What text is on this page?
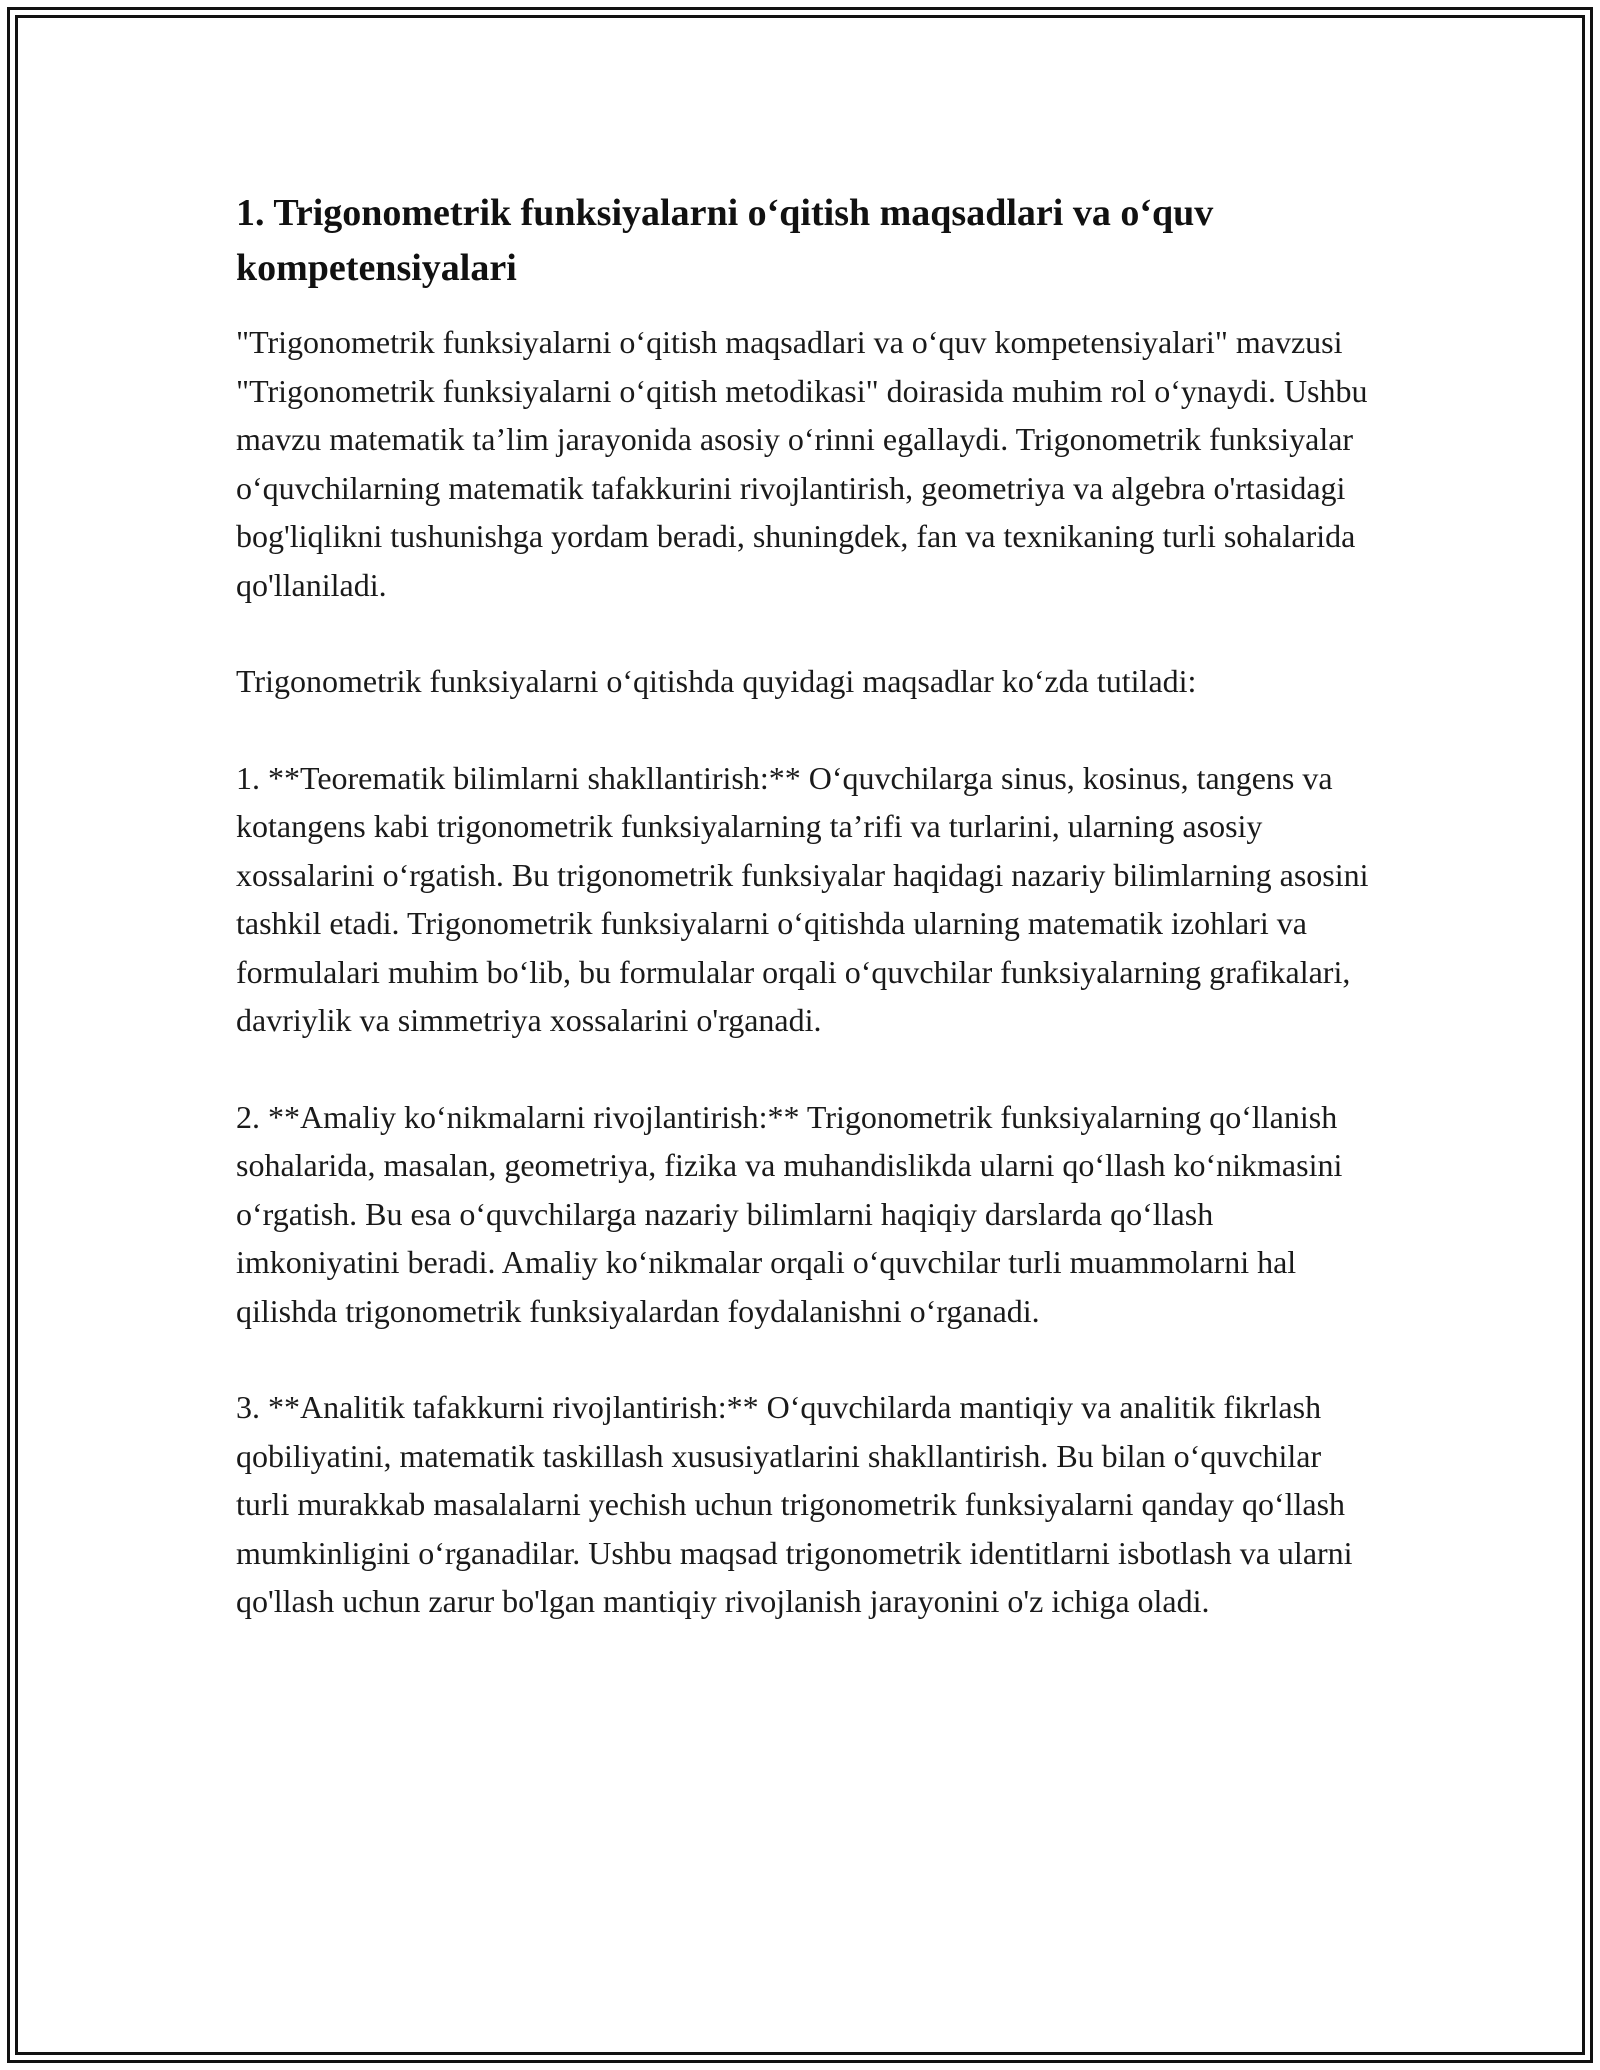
1. Trigonometrik funksiyalarni o‘qitish maqsadlari va o‘quv kompetensiyalari

"Trigonometrik funksiyalarni o‘qitish maqsadlari va o‘quv kompetensiyalari" mavzusi "Trigonometrik funksiyalarni o‘qitish metodikasi" doirasida muhim rol o‘ynaydi. Ushbu mavzu matematik ta’lim jarayonida asosiy o‘rinni egallaydi. Trigonometrik funksiyalar o‘quvchilarning matematik tafakkurini rivojlantirish, geometriya va algebra o'rtasidagi bog'liqlikni tushunishga yordam beradi, shuningdek, fan va texnikaning turli sohalarida qo'llaniladi.

Trigonometrik funksiyalarni o‘qitishda quyidagi maqsadlar ko‘zda tutiladi:

1. **Teorematik bilimlarni shakllantirish:** O‘quvchilarga sinus, kosinus, tangens va kotangens kabi trigonometrik funksiyalarning ta’rifi va turlarini, ularning asosiy xossalarini o‘rgatish. Bu trigonometrik funksiyalar haqidagi nazariy bilimlarning asosini tashkil etadi. Trigonometrik funksiyalarni o‘qitishda ularning matematik izohlari va formulalari muhim bo‘lib, bu formulalar orqali o‘quvchilar funksiyalarning grafikalari, davriylik va simmetriya xossalarini o'rganadi.

2. **Amaliy ko‘nikmalarni rivojlantirish:** Trigonometrik funksiyalarning qo‘llanish sohalarida, masalan, geometriya, fizika va muhandislikda ularni qo‘llash ko‘nikmasini o‘rgatish. Bu esa o‘quvchilarga nazariy bilimlarni haqiqiy darslarda qo‘llash imkoniyatini beradi. Amaliy ko‘nikmalar orqali o‘quvchilar turli muammolarni hal qilishda trigonometrik funksiyalardan foydalanishni o‘rganadi.

3. **Analitik tafakkurni rivojlantirish:** O‘quvchilarda mantiqiy va analitik fikrlash qobiliyatini, matematik taskillash xususiyatlarini shakllantirish. Bu bilan o‘quvchilar turli murakkab masalalarni yechish uchun trigonometrik funksiyalarni qanday qo‘llash mumkinligini o‘rganadilar. Ushbu maqsad trigonometrik identitlarni isbotlash va ularni qo'llash uchun zarur bo'lgan mantiqiy rivojlanish jarayonini o'z ichiga oladi.
